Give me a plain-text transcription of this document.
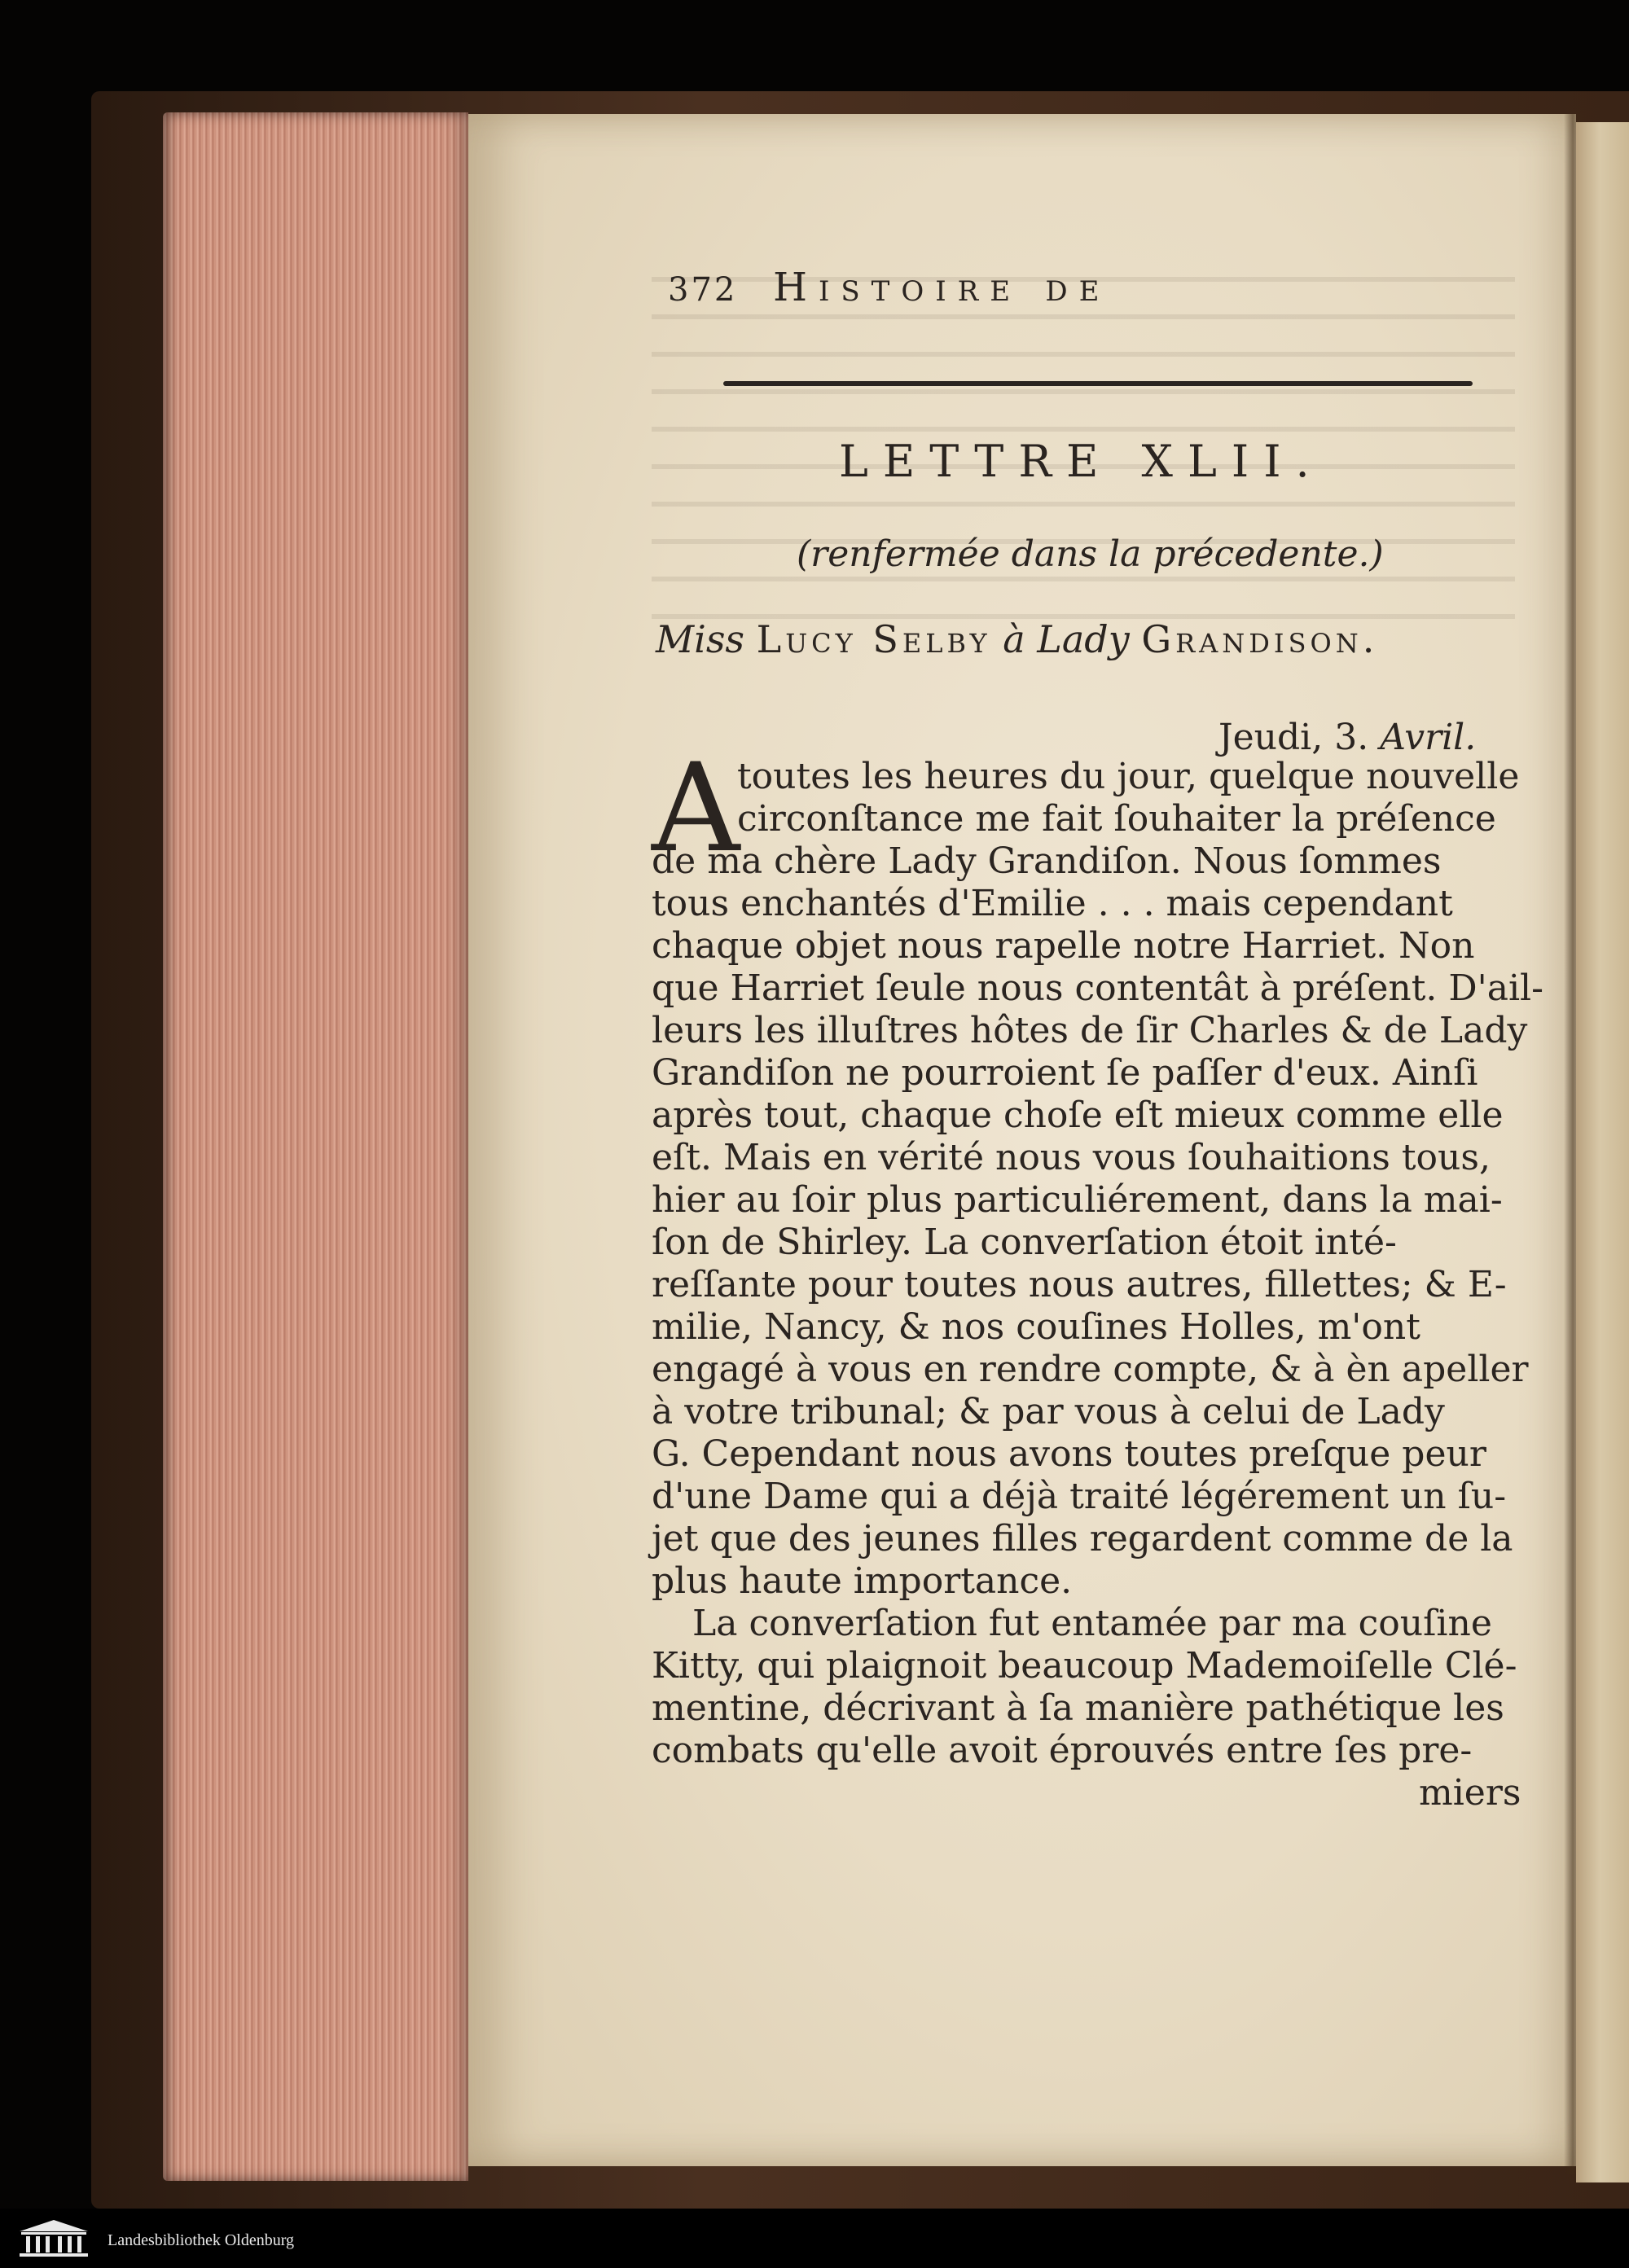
372 Histoire de
LETTRE XLII.
(renfermée dans la précedente.)
Miss Lucy Selby à Lady Grandison.
Jeudi, 3. Avril.
A
toutes les heures du jour, quelque nouvelle
circonſtance me fait ſouhaiter la préſence
de ma chère Lady Grandiſon. Nous ſommes
tous enchantés d'Emilie . . . mais cependant
chaque objet nous rapelle notre Harriet. Non
que Harriet ſeule nous contentât à préſent. D'ail-
leurs les illuſtres hôtes de ſir Charles & de Lady
Grandiſon ne pourroient ſe paſſer d'eux. Ainſi
après tout, chaque choſe eſt mieux comme elle
eſt. Mais en vérité nous vous ſouhaitions tous,
hier au ſoir plus particuliérement, dans la mai-
ſon de Shirley. La converſation étoit inté-
reſſante pour toutes nous autres, fillettes; & E-
milie, Nancy, & nos couſines Holles, m'ont
engagé à vous en rendre compte, & à èn apeller
à votre tribunal; & par vous à celui de Lady
G. Cependant nous avons toutes preſque peur
d'une Dame qui a déjà traité légérement un ſu-
jet que des jeunes filles regardent comme de la
plus haute importance.
La converſation fut entamée par ma couſine
Kitty, qui plaignoit beaucoup Mademoiſelle Clé-
mentine, décrivant à ſa manière pathétique les
combats qu'elle avoit éprouvés entre ſes pre-
miers
Landesbibliothek Oldenburg
